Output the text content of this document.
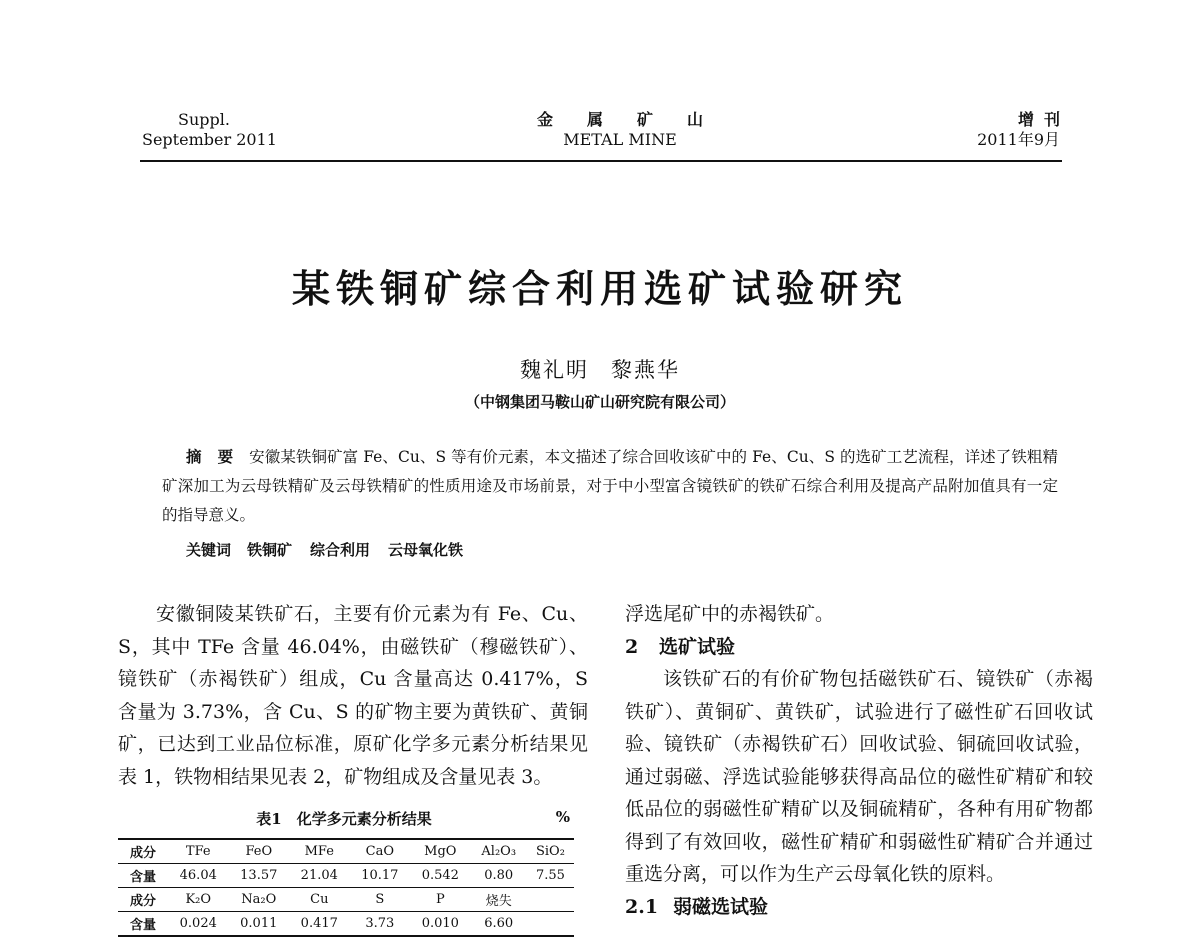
Suppl.
September 2011
金属矿山
METAL MINE
增刊
2011年9月
某铁铜矿综合利用选矿试验研究
魏礼明 黎燕华
（中钢集团马鞍山矿山研究院有限公司）
摘要安徽某铁铜矿富 Fe、Cu、S 等有价元素，本文描述了综合回收该矿中的 Fe、Cu、S 的选矿工艺流程，详述了铁粗精矿深加工为云母铁精矿及云母铁精矿的性质用途及市场前景，对于中小型富含镜铁矿的铁矿石综合利用及提高产品附加值具有一定的指导意义。
关键词 铁铜矿 综合利用 云母氧化铁

安徽铜陵某铁矿石，主要有价元素为有 Fe、Cu、S，其中 TFe 含量 46.04%，由磁铁矿（穆磁铁矿）、镜铁矿（赤褐铁矿）组成，Cu 含量高达 0.417%，S 含量为 3.73%，含 Cu、S 的矿物主要为黄铁矿、黄铜矿，已达到工业品位标准，原矿化学多元素分析结果见表 1，铁物相结果见表 2，矿物组成及含量见表 3。

表1　化学多元素分析结果	%
成分	TFe	FeO	MFe	CaO	MgO	Al₂O₃	SiO₂
含量	46.04	13.57	21.04	10.17	0.542	0.80	7.55
成分	K₂O	Na₂O	Cu	S	P	烧失	
含量	0.024	0.011	0.417	3.73	0.010	6.60	

浮选尾矿中的赤褐铁矿。

2 选矿试验

该铁矿石的有价矿物包括磁铁矿石、镜铁矿（赤褐铁矿）、黄铜矿、黄铁矿，试验进行了磁性矿石回收试验、镜铁矿（赤褐铁矿石）回收试验、铜硫回收试验，通过弱磁、浮选试验能够获得高品位的磁性矿精矿和较低品位的弱磁性矿精矿以及铜硫精矿，各种有用矿物都得到了有效回收，磁性矿精矿和弱磁性矿精矿合并通过重选分离，可以作为生产云母氧化铁的原料。

2.1 弱磁选试验
